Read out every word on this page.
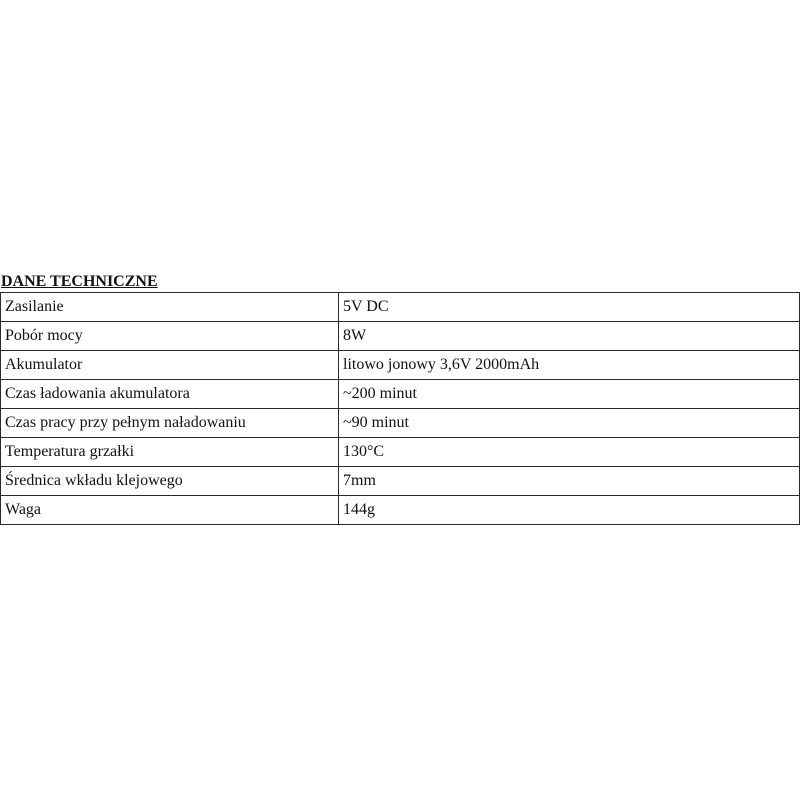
DANE TECHNICZNE
Zasilanie	5V DC
Pobór mocy	8W
Akumulator	litowo jonowy 3,6V 2000mAh
Czas ładowania akumulatora	~200 minut
Czas pracy przy pełnym naładowaniu	~90 minut
Temperatura grzałki	130°C
Średnica wkładu klejowego	7mm
Waga	144g
